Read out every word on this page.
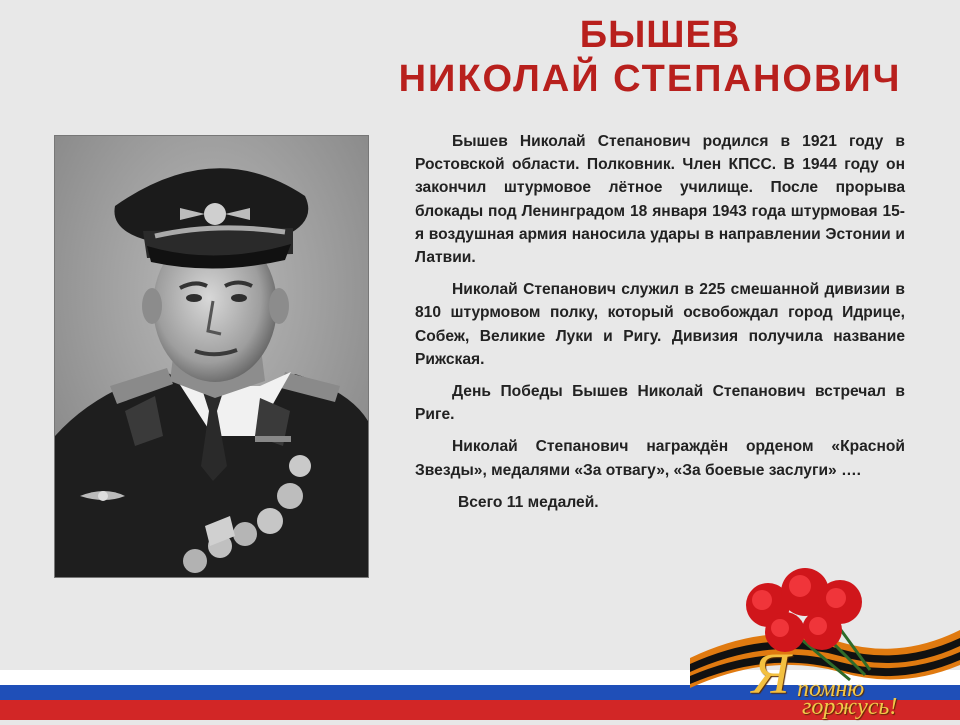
БЫШЕВ
НИКОЛАЙ СТЕПАНОВИЧ

Бышев Николай Степанович родился в 1921 году в Ростовской области. Полковник. Член КПСС. В 1944 году он закончил штурмовое лётное училище. После прорыва блокады под Ленинградом 18 января 1943 года штурмовая 15-я воздушная армия наносила удары в направлении Эстонии и Латвии.

Николай Степанович служил в 225 смешанной дивизии в 810 штурмовом полку, который освобождал город Идрице, Собеж, Великие Луки и Ригу. Дивизия получила название Рижская.

День Победы Бышев Николай Степанович встречал в Риге.

Николай Степанович награждён орденом «Красной Звезды», медалями «За отвагу», «За боевые заслуги» ….

Всего 11 медалей.

Я помню
горжусь!
